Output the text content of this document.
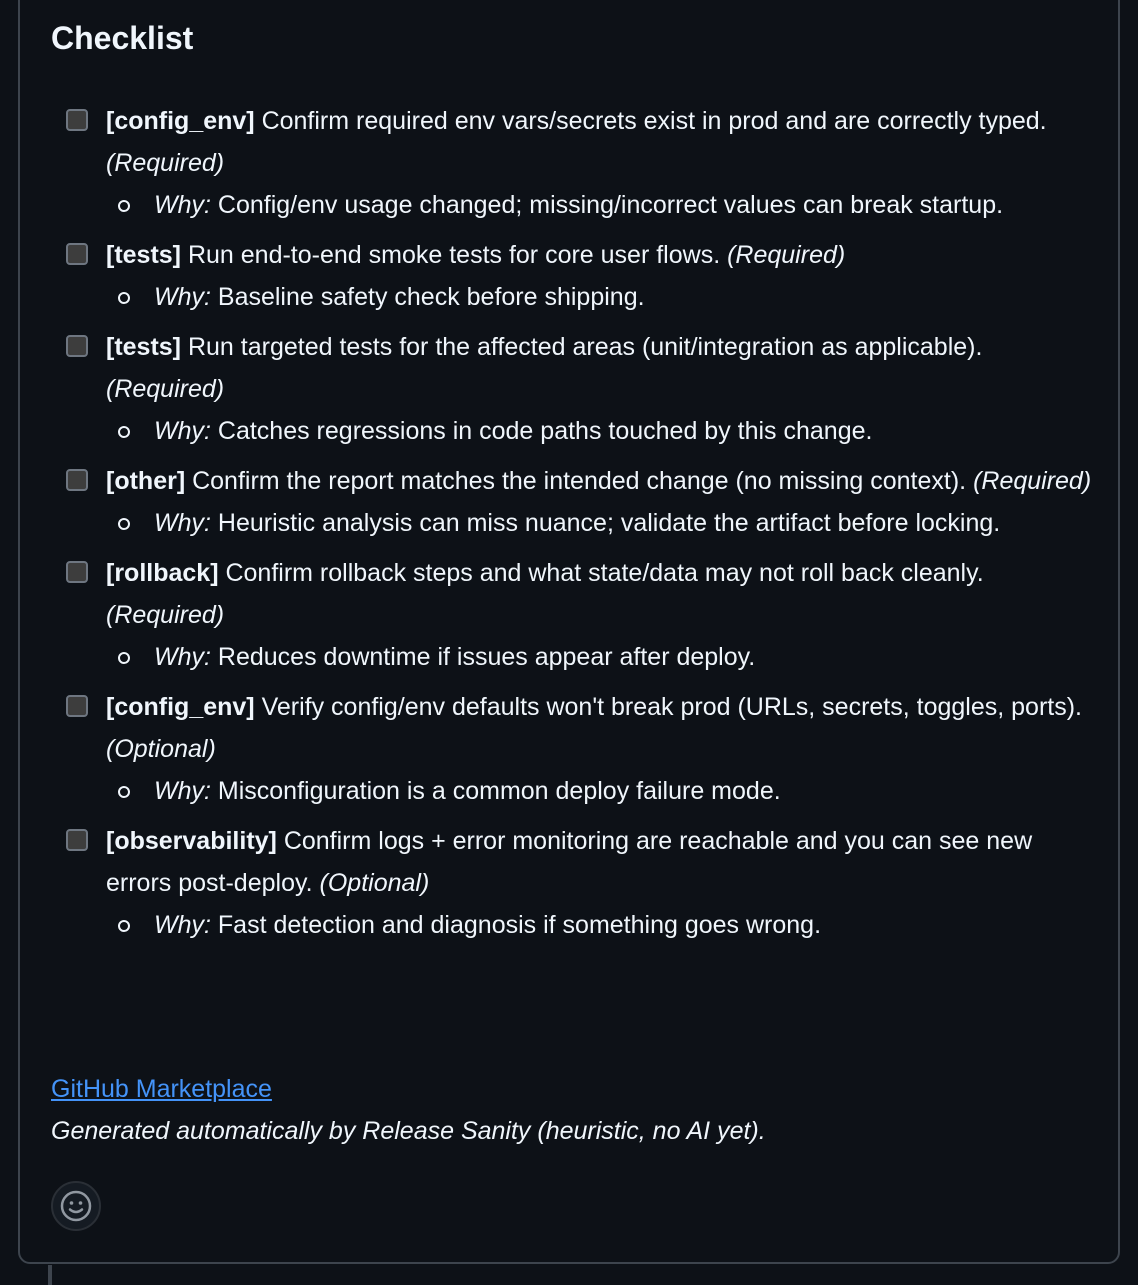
Checklist
[config_env] Confirm required env vars/secrets exist in prod and are correctly typed. (Required)
Why: Config/env usage changed; missing/incorrect values can break startup.
[tests] Run end-to-end smoke tests for core user flows. (Required)
Why: Baseline safety check before shipping.
[tests] Run targeted tests for the affected areas (unit/integration as applicable). (Required)
Why: Catches regressions in code paths touched by this change.
[other] Confirm the report matches the intended change (no missing context). (Required)
Why: Heuristic analysis can miss nuance; validate the artifact before locking.
[rollback] Confirm rollback steps and what state/data may not roll back cleanly. (Required)
Why: Reduces downtime if issues appear after deploy.
[config_env] Verify config/env defaults won't break prod (URLs, secrets, toggles, ports). (Optional)
Why: Misconfiguration is a common deploy failure mode.
[observability] Confirm logs + error monitoring are reachable and you can see new errors post-deploy. (Optional)
Why: Fast detection and diagnosis if something goes wrong.
GitHub Marketplace
Generated automatically by Release Sanity (heuristic, no AI yet).
